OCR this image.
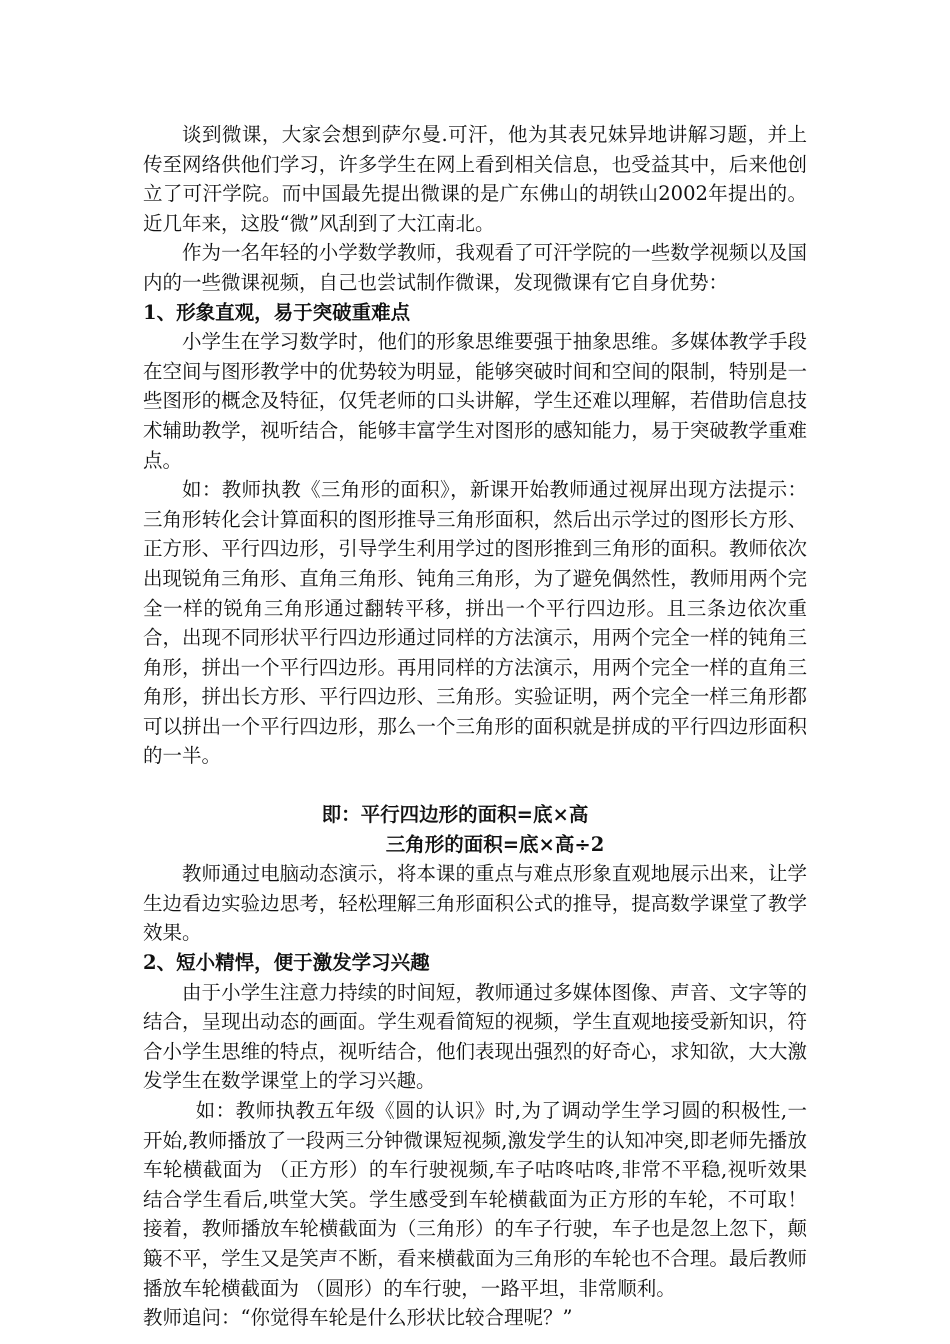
谈到微课，大家会想到萨尔曼.可汗，他为其表兄妹异地讲解习题，并上传至网络供他们学习，许多学生在网上看到相关信息，也受益其中，后来他创立了可汗学院。而中国最先提出微课的是广东佛山的胡铁山2002年提出的。近几年来，这股“微”风刮到了大江南北。

作为一名年轻的小学数学教师，我观看了可汗学院的一些数学视频以及国内的一些微课视频，自己也尝试制作微课，发现微课有它自身优势：

1、形象直观，易于突破重难点

小学生在学习数学时，他们的形象思维要强于抽象思维。多媒体教学手段在空间与图形教学中的优势较为明显，能够突破时间和空间的限制，特别是一些图形的概念及特征，仅凭老师的口头讲解，学生还难以理解，若借助信息技术辅助教学，视听结合，能够丰富学生对图形的感知能力，易于突破教学重难点。

如：教师执教《三角形的面积》，新课开始教师通过视屏出现方法提示：三角形转化会计算面积的图形推导三角形面积，然后出示学过的图形长方形、正方形、平行四边形，引导学生利用学过的图形推到三角形的面积。教师依次出现锐角三角形、直角三角形、钝角三角形，为了避免偶然性，教师用两个完全一样的锐角三角形通过翻转平移，拼出一个平行四边形。且三条边依次重合，出现不同形状平行四边形通过同样的方法演示，用两个完全一样的钝角三角形，拼出一个平行四边形。再用同样的方法演示，用两个完全一样的直角三角形，拼出长方形、平行四边形、三角形。实验证明，两个完全一样三角形都可以拼出一个平行四边形，那么一个三角形的面积就是拼成的平行四边形面积的一半。

即：平行四边形的面积=底×高

三角形的面积=底×高÷2

教师通过电脑动态演示，将本课的重点与难点形象直观地展示出来，让学生边看边实验边思考，轻松理解三角形面积公式的推导，提高数学课堂了教学效果。

2、短小精悍，便于激发学习兴趣

由于小学生注意力持续的时间短，教师通过多媒体图像、声音、文字等的结合，呈现出动态的画面。学生观看简短的视频，学生直观地接受新知识，符合小学生思维的特点，视听结合，他们表现出强烈的好奇心，求知欲，大大激发学生在数学课堂上的学习兴趣。

如：教师执教五年级《圆的认识》时,为了调动学生学习圆的积极性,一开始,教师播放了一段两三分钟微课短视频,激发学生的认知冲突,即老师先播放车轮横截面为 （正方形）的车行驶视频,车子咕咚咕咚,非常不平稳,视听效果结合学生看后,哄堂大笑。学生感受到车轮横截面为正方形的车轮，不可取！接着，教师播放车轮横截面为（三角形）的车子行驶，车子也是忽上忽下，颠簸不平，学生又是笑声不断，看来横截面为三角形的车轮也不合理。最后教师播放车轮横截面为 （圆形）的车行驶，一路平坦，非常顺利。

教师追问：“你觉得车轮是什么形状比较合理呢？”
